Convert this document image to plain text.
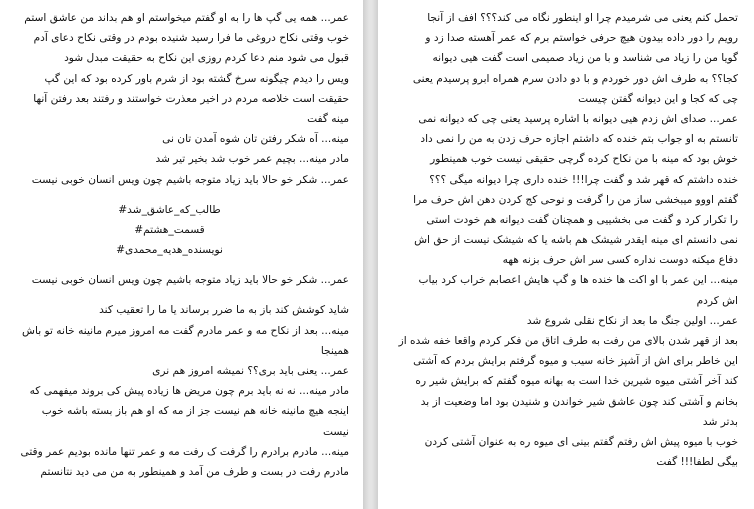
عمر... همه یی گپ ها را به او گفتم میخواستم او هم بداند من عاشق استم
خوب وقتی نکاح دروغی ما فرا رسید شنیده بودم در وقتی نکاح دعای آدم
قبول می شود منم دعا کردم روزی این نکاح به حقیقت مبدل شود
ویس را دیدم چیگونه سرخ گشته بود از شرم باور کرده بود که این گپ
حقیقت است خلاصه مردم در اخیر معذرت خواستند و رفتند بعد رفتن آنها
مینه گفت
مینه... آه شکر رفتن تان شوه آمدن تان نی
مادر مینه... بچیم عمر خوب شد بخیر تیر شد
عمر... شکر خو حالا باید زیاد متوجه باشیم چون ویس انسان خوبی نیست
طالب_که_عاشق_شد#
قسمت_هشتم#
نویسنده_هدیه_محمدی#
عمر... شکر خو حالا باید زیاد متوجه باشیم چون ویس انسان خوبی نیست
شاید کوشش کند باز به ما ضرر برساند یا ما را تعقیب کند
مینه... بعد از نکاح مه و عمر مادرم گفت مه امروز میرم مانینه خانه تو باش
همینجا
عمر... یعنی باید بری؟؟ نمیشه امروز هم نری
مادر مینه... نه نه باید برم چون مریض ها زیاده پیش کی بروند میفهمی که
اینجه هیچ مانینه خانه هم نیست جز از مه که او هم باز بسته باشه خوب
نیست
مینه... مادرم برادرم را گرفت ک رفت مه و عمر تنها مانده بودیم عمر وقتی
مادرم رفت در بست و طرف من آمد و همینطور به من می دید نتانستم
تحمل کنم یعنی می شرمیدم چرا او اینطور نگاه می کند؟؟؟ افف از آنجا
رویم را دور داده بیدون هیچ حرفی خواستم برم که عمر آهسته صدا زد و
گویا من را زیاد می شناسد و با من زیاد صمیمی است گفت هیی دیوانه
کجا؟؟ به طرف اش دور خوردم و با دو دادن سرم همراه ابرو پرسیدم یعنی
چی که کجا و این دیوانه گفتن چیست
عمر... صدای اش زدم هیی دیوانه با اشاره پرسید یعنی چی که دیوانه نمی
تانستم به او جواب بتم خنده که داشتم اجازه حرف زدن به من را نمی داد
خوش بود که مینه با من نکاح کرده گرچی حقیقی نیست خوب همینطور
خنده داشتم که قهر شد و گفت چرا!!! خنده داری چرا دیوانه میگی ؟؟؟
گفتم اووو میبخشی ساز من را گرفت و نوحی کج کردن دهن اش حرف مرا
را تکرار کرد و گفت می بخشییی و همچنان گفت دیوانه هم خودت استی
نمی دانستم ای مینه ایقدر شیشک هم باشه یا که شیشک نیست از حق اش
دفاع میکنه دوست نداره کسی سر اش حرف بزنه ههه
مینه... این عمر با او اکت ها خنده ها و گپ هایش اعصابم خراب کرد بیاب
اش کردم
عمر... اولین جنگ ما بعد از نکاح نقلی شروع شد
بعد از قهر شدن بالای من رفت به طرف اتاق من فکر کردم واقعا خفه شده از
این خاطر برای اش از آشپز خانه سیب و میوه گرفتم برایش بردم که آشتی
کند آخر آشتی میوه شیرین خدا است به بهانه میوه گفتم که برایش شیر ره
بخانم و آشتی کند چون عاشق شیر خواندن و شنیدن بود اما وضعیت از بد
بدتر شد
خوب با میوه پیش اش رفتم گفتم بینی ای میوه ره به عنوان آشتی کردن
بیگی لطفا!!! گفت
